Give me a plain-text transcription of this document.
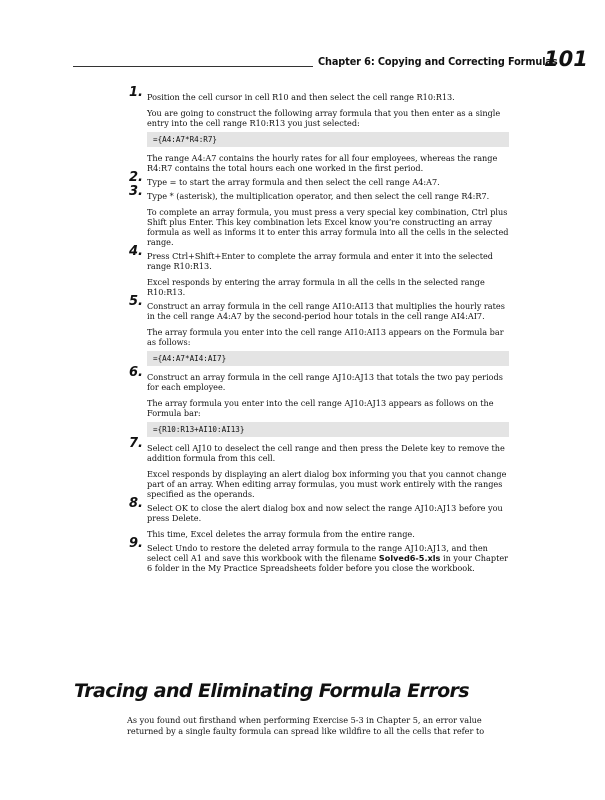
Chapter 6: Copying and Correcting Formulas
101
1. Position the cell cursor in cell R10 and then select the cell range R10:R13.

You are going to construct the following array formula that you then enter as a single entry into the cell range R10:R13 you just selected:

={A4:A7*R4:R7}

The range A4:A7 contains the hourly rates for all four employees, whereas the range R4:R7 contains the total hours each one worked in the first period.

2. Type = to start the array formula and then select the cell range A4:A7.

3. Type * (asterisk), the multiplication operator, and then select the cell range R4:R7.

To complete an array formula, you must press a very special key combination, Ctrl plus Shift plus Enter. This key combination lets Excel know you’re constructing an array formula as well as informs it to enter this array formula into all the cells in the selected range.

4. Press Ctrl+Shift+Enter to complete the array formula and enter it into the selected range R10:R13.

Excel responds by entering the array formula in all the cells in the selected range R10:R13.

5. Construct an array formula in the cell range AI10:AI13 that multiplies the hourly rates in the cell range A4:A7 by the second-period hour totals in the cell range AI4:AI7.

The array formula you enter into the cell range AI10:AI13 appears on the Formula bar as follows:

={A4:A7*AI4:AI7}
6. Construct an array formula in the cell range AJ10:AJ13 that totals the two pay periods for each employee.

The array formula you enter into the cell range AJ10:AJ13 appears as follows on the Formula bar:

={R10:R13+AI10:AI13}
7. Select cell AJ10 to deselect the cell range and then press the Delete key to remove the addition formula from this cell.

Excel responds by displaying an alert dialog box informing you that you cannot change part of an array. When editing array formulas, you must work entirely with the ranges specified as the operands.

8. Select OK to close the alert dialog box and now select the range AJ10:AJ13 before you press Delete.

This time, Excel deletes the array formula from the entire range.

9. Select Undo to restore the deleted array formula to the range AJ10:AJ13, and then select cell A1 and save this workbook with the filename Solved6-5.xls in your Chapter 6 folder in the My Practice Spreadsheets folder before you close the workbook.

Tracing and Eliminating Formula Errors

As you found out firsthand when performing Exercise 5-3 in Chapter 5, an error value returned by a single faulty formula can spread like wildfire to all the cells that refer to
